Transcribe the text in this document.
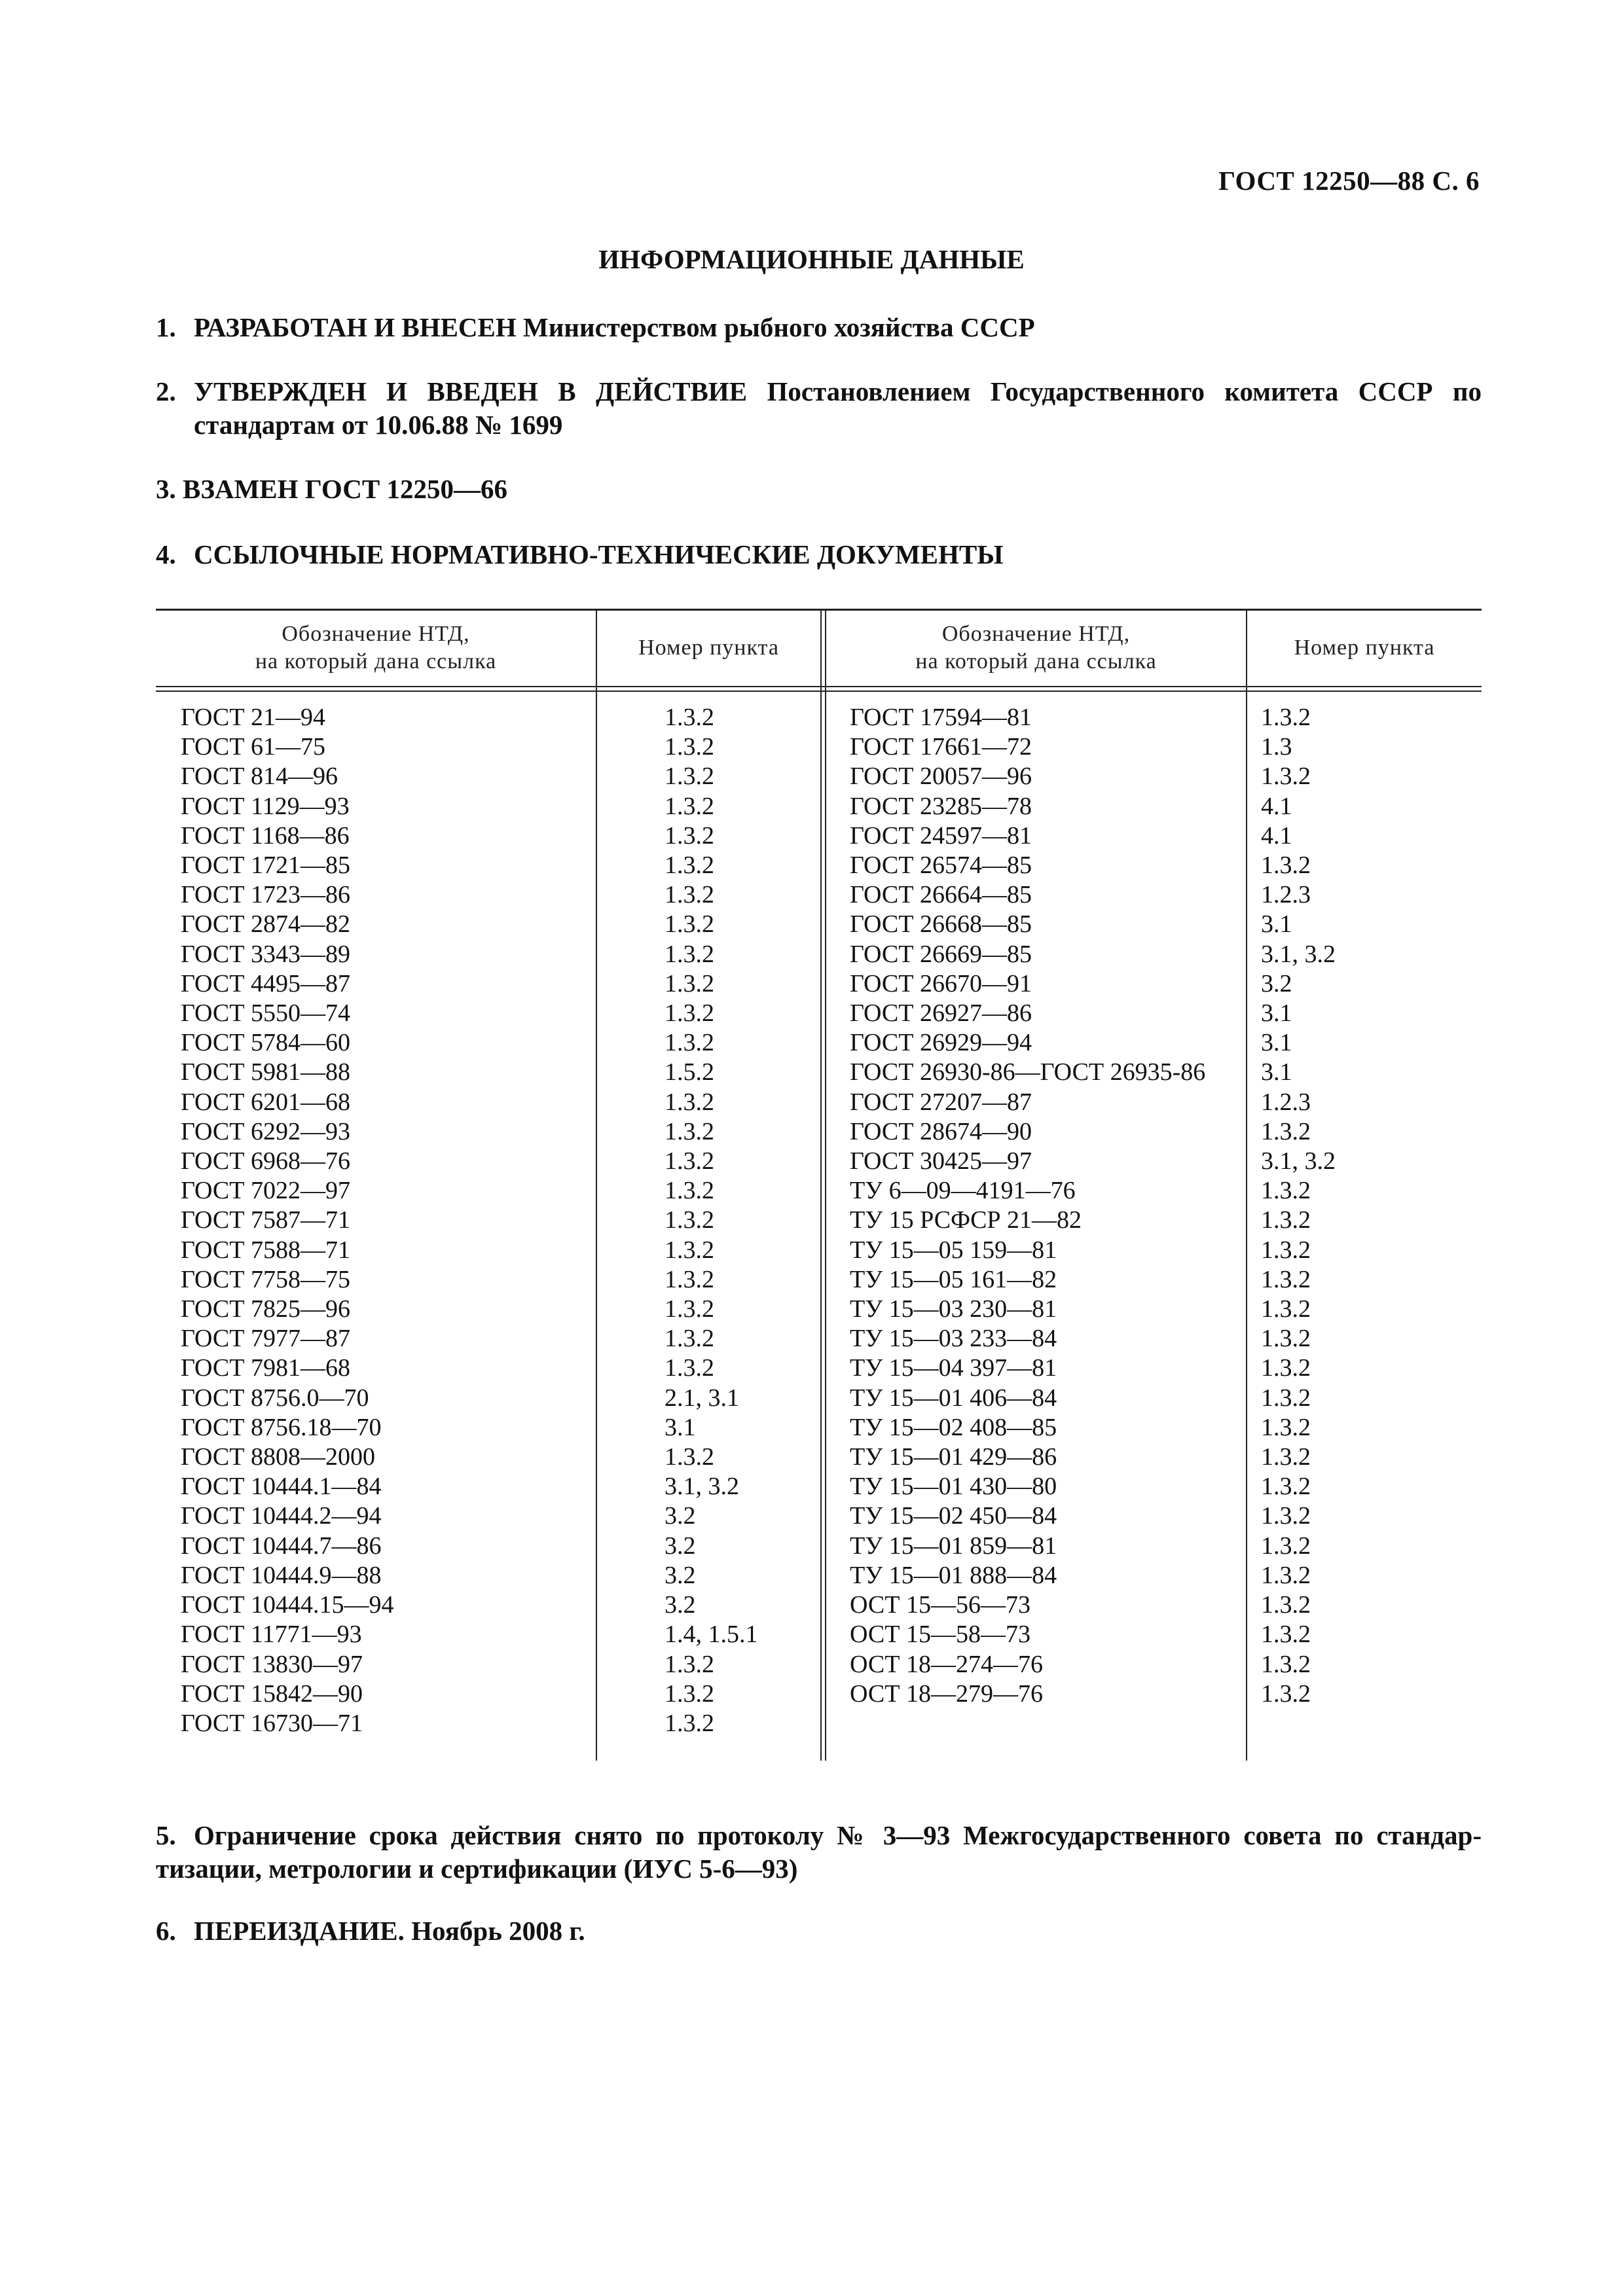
ГОСТ 12250—88 С. 6
ИНФОРМАЦИОННЫЕ ДАННЫЕ
1. РАЗРАБОТАН И ВНЕСЕН Министерством рыбного хозяйства СССР
2. УТВЕРЖДЕН И ВВЕДЕН В ДЕЙСТВИЕ Постановлением Государственного комитета СССР по
стандартам от 10.06.88 № 1699
3. ВЗАМЕН ГОСТ 12250—66
4. ССЫЛОЧНЫЕ НОРМАТИВНО-ТЕХНИЧЕСКИЕ ДОКУМЕНТЫ
Обозначение НТД,
на который дана ссылка
Номер пункта
Обозначение НТД,
на который дана ссылка
Номер пункта
ГОСТ 21—94
ГОСТ 61—75
ГОСТ 814—96
ГОСТ 1129—93
ГОСТ 1168—86
ГОСТ 1721—85
ГОСТ 1723—86
ГОСТ 2874—82
ГОСТ 3343—89
ГОСТ 4495—87
ГОСТ 5550—74
ГОСТ 5784—60
ГОСТ 5981—88
ГОСТ 6201—68
ГОСТ 6292—93
ГОСТ 6968—76
ГОСТ 7022—97
ГОСТ 7587—71
ГОСТ 7588—71
ГОСТ 7758—75
ГОСТ 7825—96
ГОСТ 7977—87
ГОСТ 7981—68
ГОСТ 8756.0—70
ГОСТ 8756.18—70
ГОСТ 8808—2000
ГОСТ 10444.1—84
ГОСТ 10444.2—94
ГОСТ 10444.7—86
ГОСТ 10444.9—88
ГОСТ 10444.15—94
ГОСТ 11771—93
ГОСТ 13830—97
ГОСТ 15842—90
ГОСТ 16730—71
1.3.2
1.3.2
1.3.2
1.3.2
1.3.2
1.3.2
1.3.2
1.3.2
1.3.2
1.3.2
1.3.2
1.3.2
1.5.2
1.3.2
1.3.2
1.3.2
1.3.2
1.3.2
1.3.2
1.3.2
1.3.2
1.3.2
1.3.2
2.1, 3.1
3.1
1.3.2
3.1, 3.2
3.2
3.2
3.2
3.2
1.4, 1.5.1
1.3.2
1.3.2
1.3.2
ГОСТ 17594—81
ГОСТ 17661—72
ГОСТ 20057—96
ГОСТ 23285—78
ГОСТ 24597—81
ГОСТ 26574—85
ГОСТ 26664—85
ГОСТ 26668—85
ГОСТ 26669—85
ГОСТ 26670—91
ГОСТ 26927—86
ГОСТ 26929—94
ГОСТ 26930-86—ГОСТ 26935-86
ГОСТ 27207—87
ГОСТ 28674—90
ГОСТ 30425—97
ТУ 6—09—4191—76
ТУ 15 РСФСР 21—82
ТУ 15—05 159—81
ТУ 15—05 161—82
ТУ 15—03 230—81
ТУ 15—03 233—84
ТУ 15—04 397—81
ТУ 15—01 406—84
ТУ 15—02 408—85
ТУ 15—01 429—86
ТУ 15—01 430—80
ТУ 15—02 450—84
ТУ 15—01 859—81
ТУ 15—01 888—84
ОСТ 15—56—73
ОСТ 15—58—73
ОСТ 18—274—76
ОСТ 18—279—76
1.3.2
1.3
1.3.2
4.1
4.1
1.3.2
1.2.3
3.1
3.1, 3.2
3.2
3.1
3.1
3.1
1.2.3
1.3.2
3.1, 3.2
1.3.2
1.3.2
1.3.2
1.3.2
1.3.2
1.3.2
1.3.2
1.3.2
1.3.2
1.3.2
1.3.2
1.3.2
1.3.2
1.3.2
1.3.2
1.3.2
1.3.2
1.3.2
5. Ограничение срока действия снято по протоколу № 3—93 Межгосударственного совета по стандар-
тизации, метрологии и сертификации (ИУС 5-6—93)
6. ПЕРЕИЗДАНИЕ. Ноябрь 2008 г.
